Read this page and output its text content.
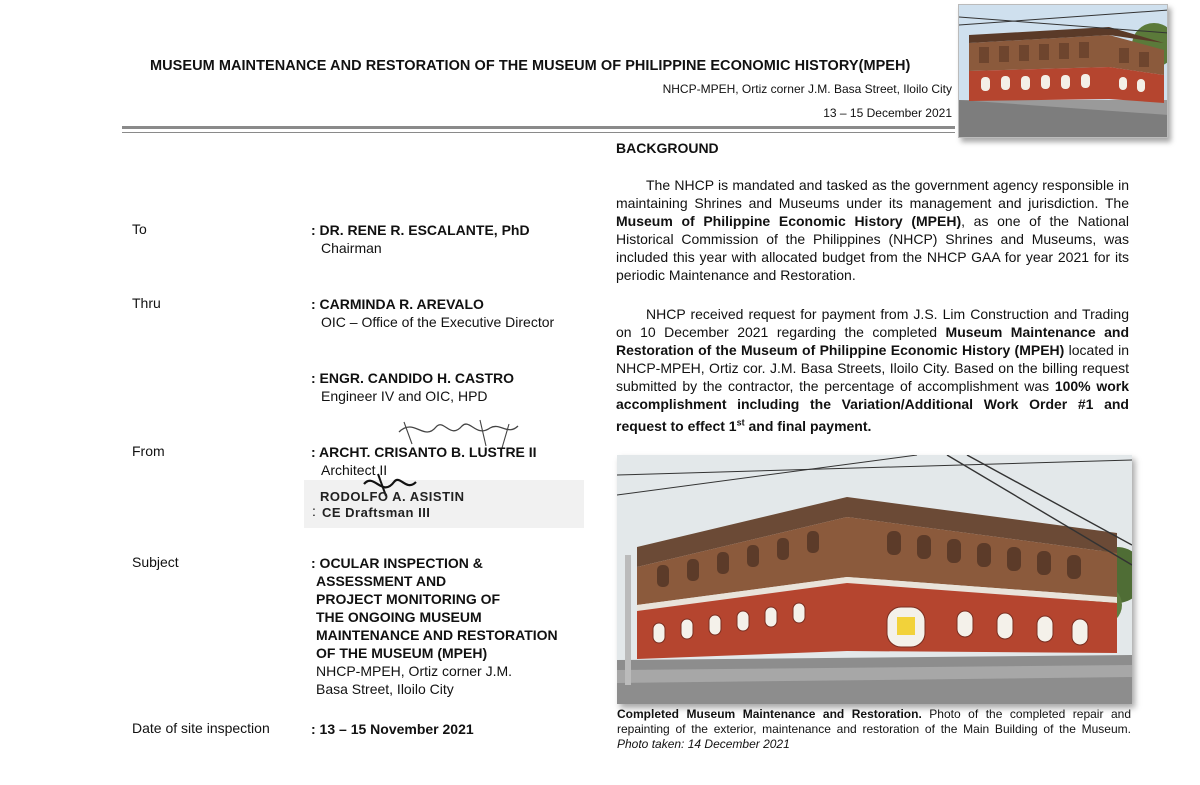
MUSEUM MAINTENANCE AND RESTORATION OF THE MUSEUM OF PHILIPPINE ECONOMIC HISTORY(MPEH)
NHCP-MPEH, Ortiz corner J.M. Basa Street, Iloilo City
13 – 15 December 2021
To	: DR. RENE R. ESCALANTE, PhD
Chairman
Thru	: CARMINDA R. AREVALO
OIC – Office of the Executive Director
: ENGR. CANDIDO H. CASTRO
Engineer IV and OIC, HPD
From	: ARCHT. CRISANTO B. LUSTRE II
Architect II
RODOLFO A. ASISTIN
: CE Draftsman III
Subject	: OCULAR INSPECTION &
ASSESSMENT AND
PROJECT MONITORING OF
THE ONGOING MUSEUM
MAINTENANCE AND RESTORATION
OF THE MUSEUM (MPEH)
NHCP-MPEH, Ortiz corner J.M.
Basa Street, Iloilo City
Date of site inspection	: 13 – 15 November 2021
BACKGROUND

The NHCP is mandated and tasked as the government agency responsible in maintaining Shrines and Museums under its management and jurisdiction. The Museum of Philippine Economic History (MPEH), as one of the National Historical Commission of the Philippines (NHCP) Shrines and Museums, was included this year with allocated budget from the NHCP GAA for year 2021 for its periodic Maintenance and Restoration.

NHCP received request for payment from J.S. Lim Construction and Trading on 10 December 2021 regarding the completed Museum Maintenance and Restoration of the Museum of Philippine Economic History (MPEH) located in NHCP-MPEH, Ortiz cor. J.M. Basa Streets, Iloilo City. Based on the billing request submitted by the contractor, the percentage of accomplishment was 100% work accomplishment including the Variation/Additional Work Order #1 and request to effect 1st and final payment.

Completed Museum Maintenance and Restoration. Photo of the completed repair and repainting of the exterior, maintenance and restoration of the Main Building of the Museum. Photo taken: 14 December 2021
